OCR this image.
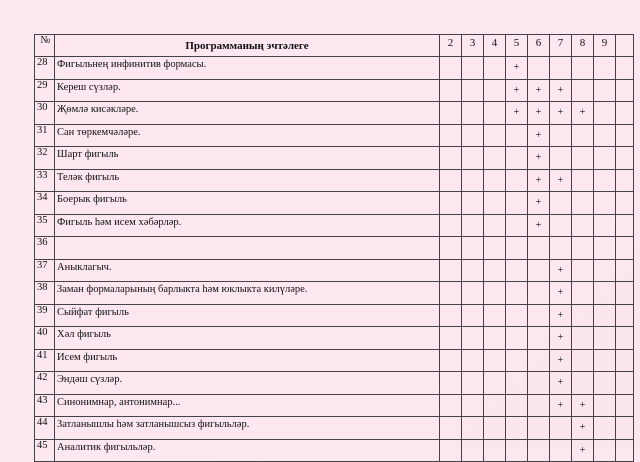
№	Программаның эчтәлеге	2	3	4	5	6	7	8	9	
28	Фигыльнең инфинитив формасы.				+					
29	Кереш сүзләр.				+	+	+			
30	Җөмлә кисәкләре.				+	+	+	+		
31	Сан төркемчәләре.					+				
32	Шарт фигыль					+				
33	Теләк фигыль					+	+			
34	Боерык фигыль					+				
35	Фигыль һәм исем хәбәрләр.					+				
36										
37	Аныклагыч.						+			
38	Заман формаларының барлыкта һәм юклыкта килүләре.						+			
39	Сыйфат фигыль						+			
40	Хәл фигыль						+			
41	Исем фигыль						+			
42	Эндәш сүзләр.						+			
43	Синонимнар, антонимнар...						+	+		
44	Затланышлы һәм затланышсыз фигыльләр.							+		
45	Аналитик фигыльләр.							+		
